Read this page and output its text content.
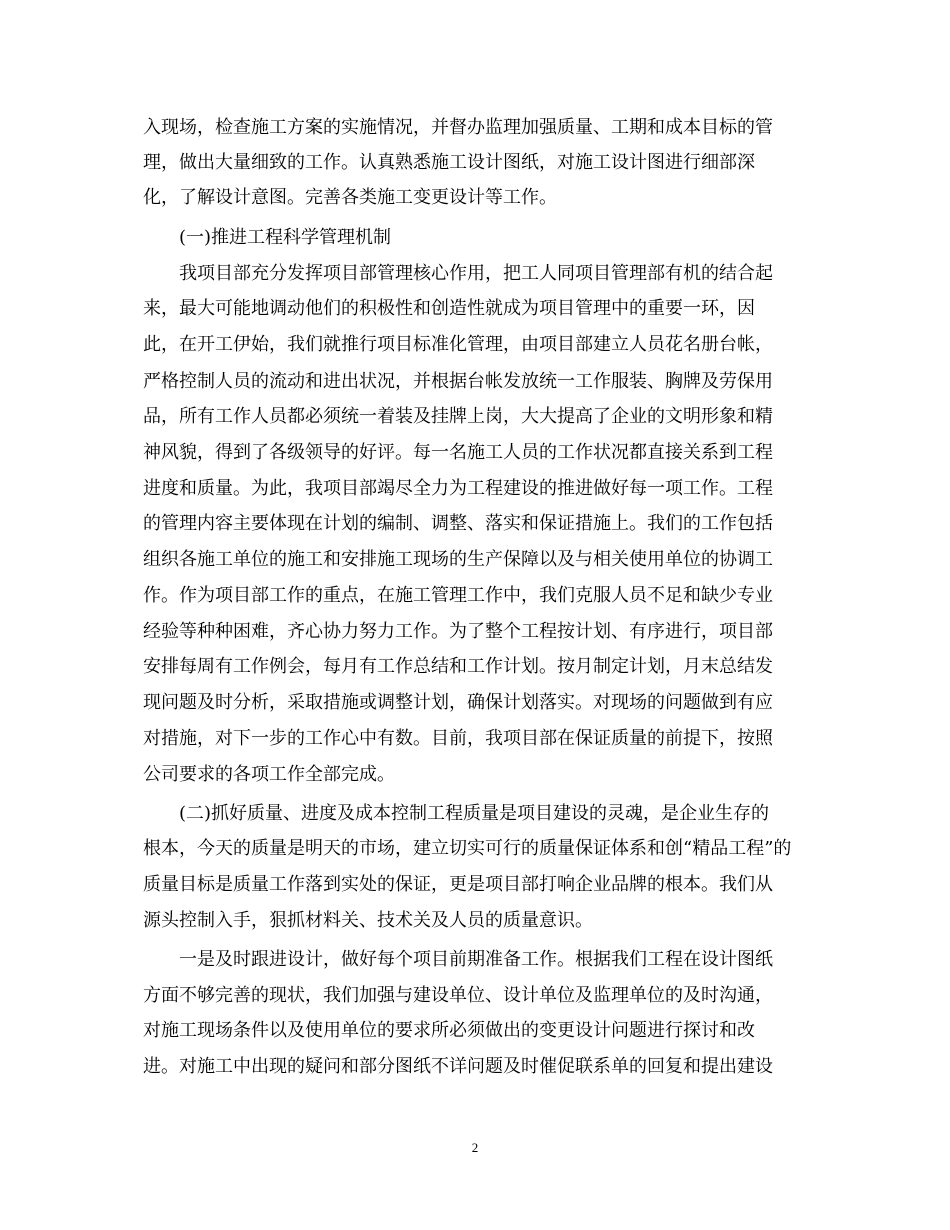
入现场，检查施工方案的实施情况，并督办监理加强质量、工期和成本目标的管
理，做出大量细致的工作。认真熟悉施工设计图纸，对施工设计图进行细部深
化，了解设计意图。完善各类施工变更设计等工作。
(一)推进工程科学管理机制
我项目部充分发挥项目部管理核心作用，把工人同项目管理部有机的结合起
来，最大可能地调动他们的积极性和创造性就成为项目管理中的重要一环，因
此，在开工伊始，我们就推行项目标准化管理，由项目部建立人员花名册台帐，
严格控制人员的流动和进出状况，并根据台帐发放统一工作服装、胸牌及劳保用
品，所有工作人员都必须统一着装及挂牌上岗，大大提高了企业的文明形象和精
神风貌，得到了各级领导的好评。每一名施工人员的工作状况都直接关系到工程
进度和质量。为此，我项目部竭尽全力为工程建设的推进做好每一项工作。工程
的管理内容主要体现在计划的编制、调整、落实和保证措施上。我们的工作包括
组织各施工单位的施工和安排施工现场的生产保障以及与相关使用单位的协调工
作。作为项目部工作的重点，在施工管理工作中，我们克服人员不足和缺少专业
经验等种种困难，齐心协力努力工作。为了整个工程按计划、有序进行，项目部
安排每周有工作例会，每月有工作总结和工作计划。按月制定计划，月末总结发
现问题及时分析，采取措施或调整计划，确保计划落实。对现场的问题做到有应
对措施，对下一步的工作心中有数。目前，我项目部在保证质量的前提下，按照
公司要求的各项工作全部完成。
(二)抓好质量、进度及成本控制工程质量是项目建设的灵魂，是企业生存的
根本，今天的质量是明天的市场，建立切实可行的质量保证体系和创“精品工程”的
质量目标是质量工作落到实处的保证，更是项目部打响企业品牌的根本。我们从
源头控制入手，狠抓材料关、技术关及人员的质量意识。
一是及时跟进设计，做好每个项目前期准备工作。根据我们工程在设计图纸
方面不够完善的现状，我们加强与建设单位、设计单位及监理单位的及时沟通，
对施工现场条件以及使用单位的要求所必须做出的变更设计问题进行探讨和改
进。对施工中出现的疑问和部分图纸不详问题及时催促联系单的回复和提出建设
2
